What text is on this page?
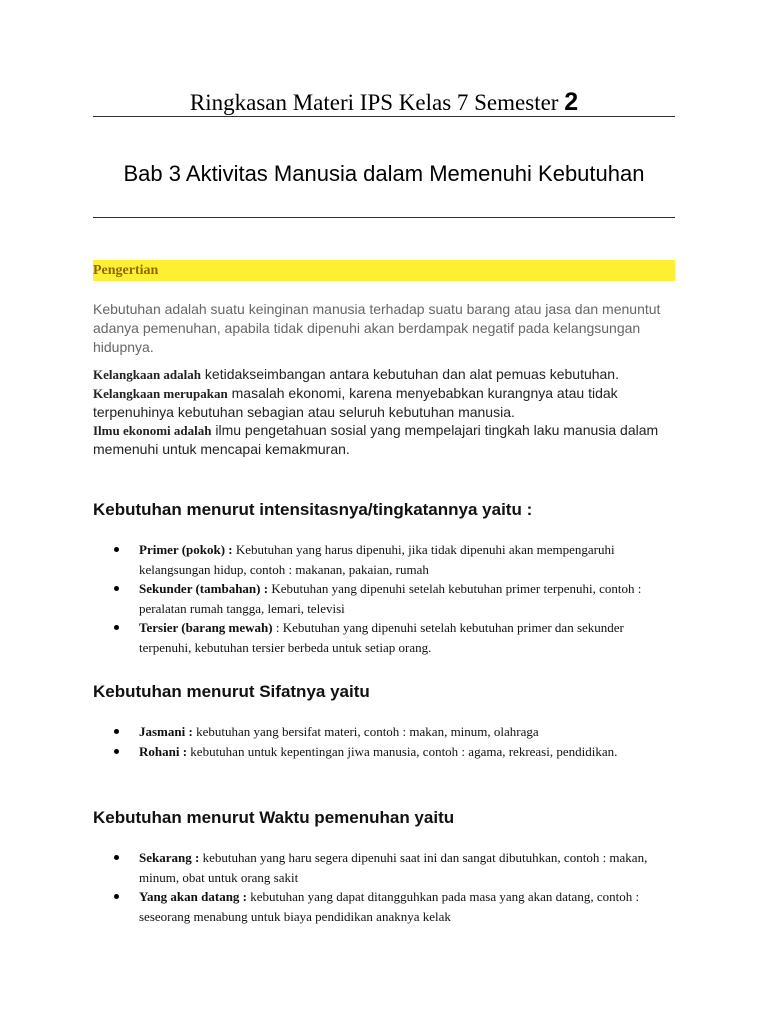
Ringkasan Materi IPS Kelas 7 Semester 2
Bab 3 Aktivitas Manusia dalam Memenuhi Kebutuhan
Pengertian
Kebutuhan adalah suatu keinginan manusia terhadap suatu barang atau jasa dan menuntut adanya pemenuhan, apabila tidak dipenuhi akan berdampak negatif pada kelangsungan hidupnya.

Kelangkaan adalah ketidakseimbangan antara kebutuhan dan alat pemuas kebutuhan.

Kelangkaan merupakan masalah ekonomi, karena menyebabkan kurangnya atau tidak terpenuhinya kebutuhan sebagian atau seluruh kebutuhan manusia.

Ilmu ekonomi adalah ilmu pengetahuan sosial yang mempelajari tingkah laku manusia dalam memenuhi untuk mencapai kemakmuran.

Kebutuhan menurut intensitasnya/tingkatannya yaitu :
Primer (pokok) : Kebutuhan yang harus dipenuhi, jika tidak dipenuhi akan mempengaruhi kelangsungan hidup, contoh : makanan, pakaian, rumah
Sekunder (tambahan) : Kebutuhan yang dipenuhi setelah kebutuhan primer terpenuhi, contoh : peralatan rumah tangga, lemari, televisi
Tersier (barang mewah) : Kebutuhan yang dipenuhi setelah kebutuhan primer dan sekunder terpenuhi, kebutuhan tersier berbeda untuk setiap orang.
Kebutuhan menurut Sifatnya yaitu
Jasmani : kebutuhan yang bersifat materi, contoh : makan, minum, olahraga
Rohani : kebutuhan untuk kepentingan jiwa manusia, contoh : agama, rekreasi, pendidikan.
Kebutuhan menurut Waktu pemenuhan yaitu
Sekarang : kebutuhan yang haru segera dipenuhi saat ini dan sangat dibutuhkan, contoh : makan, minum, obat untuk orang sakit
Yang akan datang : kebutuhan yang dapat ditangguhkan pada masa yang akan datang, contoh : seseorang menabung untuk biaya pendidikan anaknya kelak
